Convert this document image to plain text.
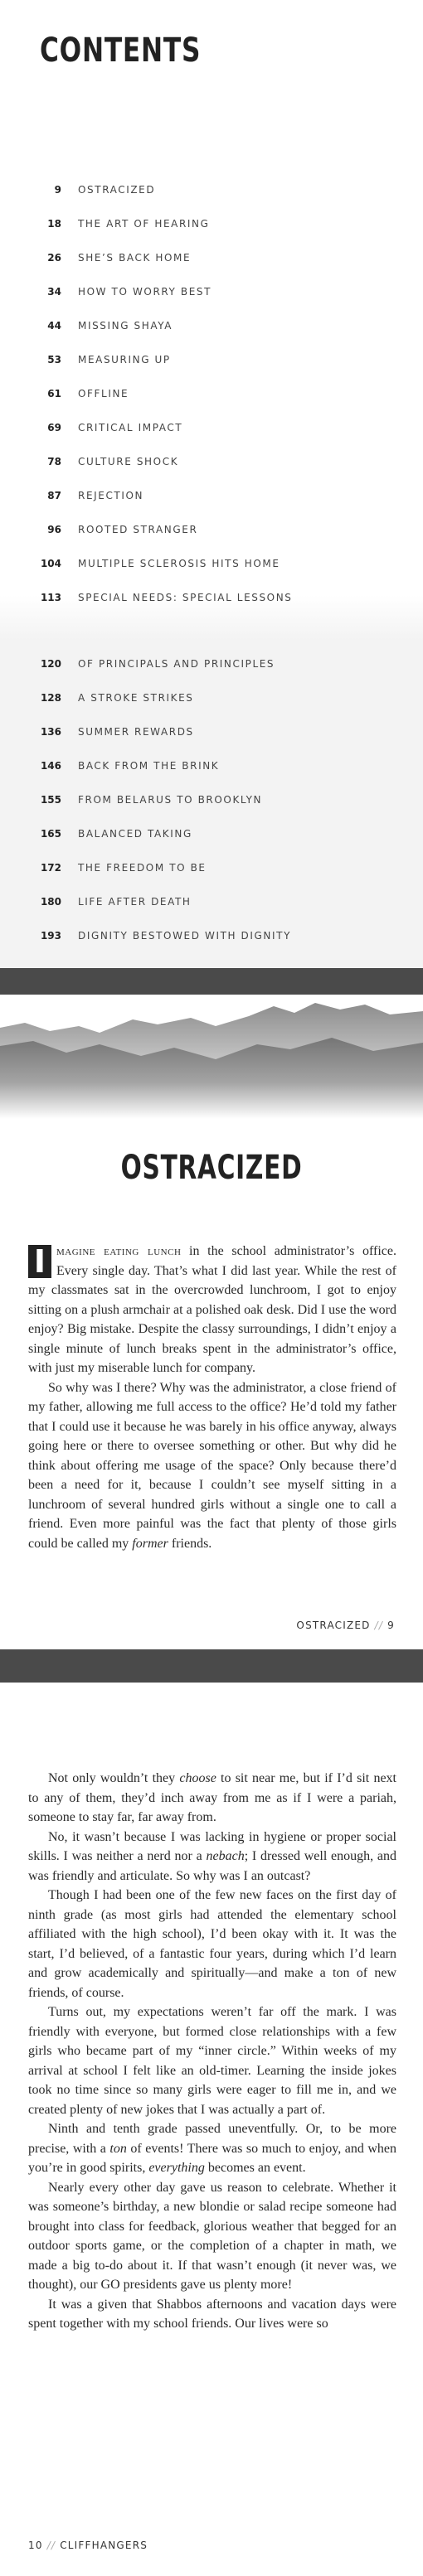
CONTENTS
9 OSTRACIZED
18 THE ART OF HEARING
26 SHE’S BACK HOME
34 HOW TO WORRY BEST
44 MISSING SHAYA
53 MEASURING UP
61 OFFLINE
69 CRITICAL IMPACT
78 CULTURE SHOCK
87 REJECTION
96 ROOTED STRANGER
104 MULTIPLE SCLEROSIS HITS HOME
113 SPECIAL NEEDS: SPECIAL LESSONS
120 OF PRINCIPALS AND PRINCIPLES
128 A STROKE STRIKES
136 SUMMER REWARDS
146 BACK FROM THE BRINK
155 FROM BELARUS TO BROOKLYN
165 BALANCED TAKING
172 THE FREEDOM TO BE
180 LIFE AFTER DEATH
193 DIGNITY BESTOWED WITH DIGNITY
OSTRACIZED

I magine eating lunch in the school administrator’s office. Every single day. That’s what I did last year. While the rest of my classmates sat in the overcrowded lunchroom, I got to enjoy sitting on a plush armchair at a polished oak desk. Did I use the word enjoy? Big mistake. Despite the classy surroundings, I didn’t enjoy a single minute of lunch breaks spent in the administrator’s office, with just my miserable lunch for company.

So why was I there? Why was the administrator, a close friend of my father, allowing me full access to the office? He’d told my father that I could use it because he was barely in his office anyway, always going here or there to oversee something or other. But why did he think about offering me usage of the space? Only because there’d been a need for it, because I couldn’t see myself sitting in a lunchroom of several hundred girls without a single one to call a friend. Even more painful was the fact that plenty of those girls could be called my former friends.

OSTRACIZED // 9

Not only wouldn’t they choose to sit near me, but if I’d sit next to any of them, they’d inch away from me as if I were a pariah, someone to stay far, far away from.

No, it wasn’t because I was lacking in hygiene or proper social skills. I was neither a nerd nor a nebach; I dressed well enough, and was friendly and articulate. So why was I an outcast?

Though I had been one of the few new faces on the first day of ninth grade (as most girls had attended the elementary school affiliated with the high school), I’d been okay with it. It was the start, I’d believed, of a fantastic four years, during which I’d learn and grow academically and spiritually—and make a ton of new friends, of course.

Turns out, my expectations weren’t far off the mark. I was friendly with everyone, but formed close relationships with a few girls who became part of my “inner circle.” Within weeks of my arrival at school I felt like an old-timer. Learning the inside jokes took no time since so many girls were eager to fill me in, and we created plenty of new jokes that I was actually a part of.

Ninth and tenth grade passed uneventfully. Or, to be more precise, with a ton of events! There was so much to enjoy, and when you’re in good spirits, everything becomes an event.

Nearly every other day gave us reason to celebrate. Whether it was someone’s birthday, a new blondie or salad recipe someone had brought into class for feedback, glorious weather that begged for an outdoor sports game, or the completion of a chapter in math, we made a big to-do about it. If that wasn’t enough (it never was, we thought), our GO presidents gave us plenty more!

It was a given that Shabbos afternoons and vacation days were spent together with my school friends. Our lives were so

10 // CLIFFHANGERS
